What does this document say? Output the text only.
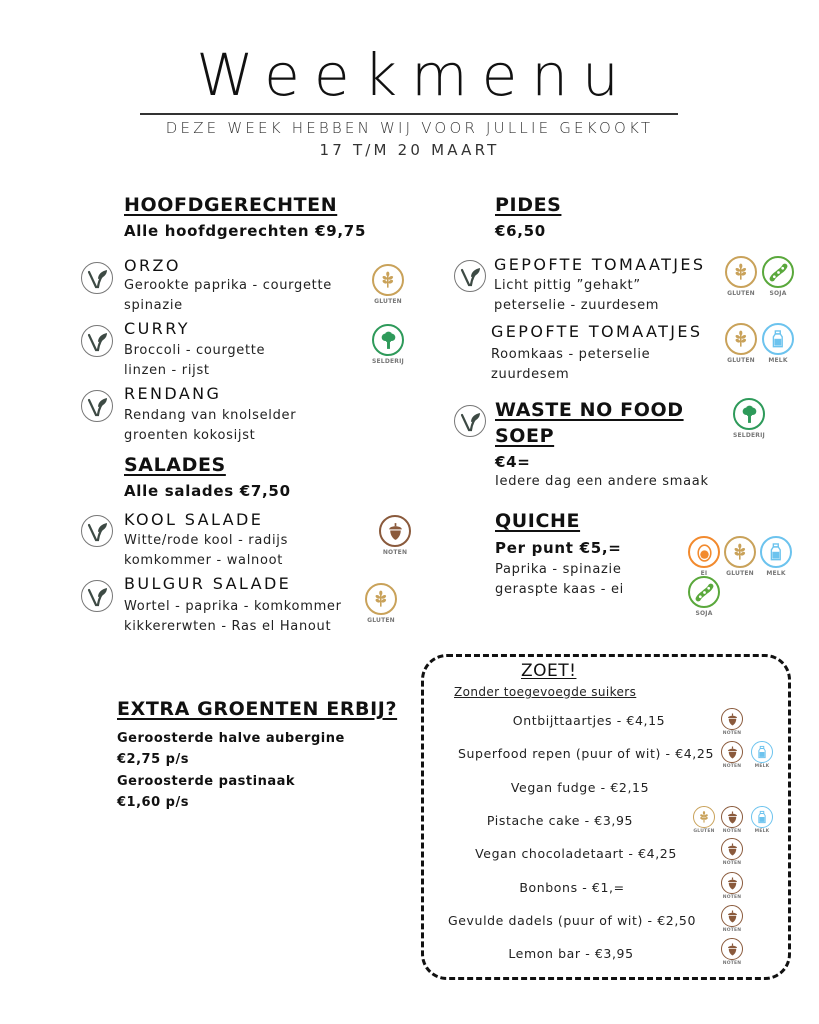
Weekmenu
DEZE WEEK HEBBEN WIJ VOOR JULLIE GEKOOKT
17 T/M 20 MAART
HOOFDGERECHTEN
Alle hoofdgerechten €9,75
ORZO
Gerookte paprika - courgette
spinazie	GLUTEN
CURRY
Broccoli - courgette
linzen - rijst
SELDERIJ
RENDANG
Rendang van knolselder
groenten kokosijst
SALADES
Alle salades €7,50
KOOL SALADE
Witte/rode kool - radijs
komkommer - walnoot
NOTEN
BULGUR SALADE
Wortel - paprika - komkommer
kikkererwten - Ras el Hanout	GLUTEN
PIDES
€6,50
GEPOFTE TOMAATJES
Licht pittig ”gehakt”
peterselie - zuurdesem
GLUTEN	SOJA
GEPOFTE TOMAATJES
Roomkaas - peterselie
zuurdesem
GLUTEN	MELK
WASTE NO FOOD
SOEP
€4=
Iedere dag een andere smaak
SELDERIJ
QUICHE
Per punt €5,=
Paprika - spinazie
geraspte kaas - ei
EI	GLUTEN	MELK
SOJA
EXTRA GROENTEN ERBIJ?
Geroosterde halve aubergine
€2,75 p/s
Geroosterde pastinaak
€1,60 p/s
ZOET!
Zonder toegevoegde suikers
Ontbijttaartjes - €4,15
Superfood repen (puur of wit) - €4,25
Vegan fudge - €2,15
Pistache cake - €3,95
Vegan chocoladetaart - €4,25
Bonbons - €1,=
Gevulde dadels (puur of wit) - €2,50
Lemon bar - €3,95
NOTEN
NOTEN	MELK
GLUTEN	NOTEN	MELK
NOTEN
NOTEN
NOTEN
NOTEN
